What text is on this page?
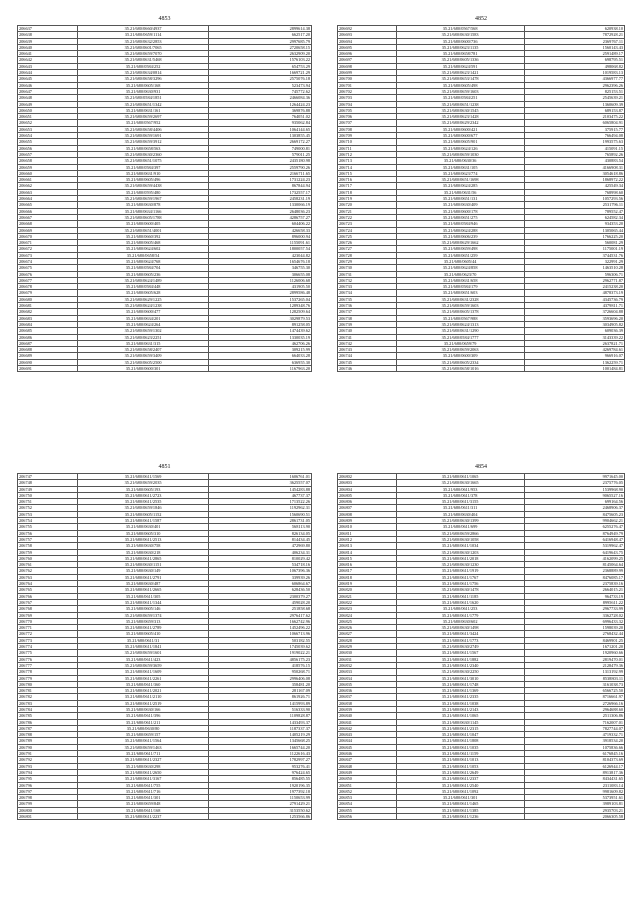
4853
206637	35.21/680/0660/4937	2899614.38
206638	35.21/680/0659/1114	662517.20
206639	35.21/680/0632/2853	2997685.79
206640	35.21/680/0601/7065	2720658.15
206641	35.21/680/0659/7070	2632909.20
206642	35.21/680/0631/5468	1576103.22
206643	35.21/680/0584/252	654753.29
206644	35.21/680/0634/0814	1669721.29
206645	35.21/680/0658/3296	2575076.18
206646	35.21/680/0605/168	523473.94
206647	35.21/680/0630/931	745772.62
206648	35.21/680/0584/1851	2466084.36
206649	35.21/680/0651/1342	1264424.23
206650	35.21/680/0631/161	369876.88
206651	35.21/680/0659/2697	764051.02
206652	35.21/680/0567/952	935062.84
206653	35.21/680/0658/4406	1064144.65
206654	35.21/680/0659/1691	1303855.45
206655	35.21/680/0659/3912	2669172.27
206656	35.21/680/0658/563	749000.81
206657	35.21/680/0630/2360	579011.25
206658	35.21/680/0651/1075	2435180.98
206659	35.21/680/0584/397	2559790.26
206660	35.21/680/0631/910	2166711.65
206661	35.21/680/0605/496	1731224.23
206662	35.21/680/0659/4438	867844.94
206663	35.21/680/0595/480	1732557.17
206664	35.21/680/0659/1967	2458231.19
206665	35.21/680/0630/878	1330066.19
206666	35.21/680/0634/1166	2648036.23
206667	35.21/680/0605/1788	4286757.27
206668	35.21/680/0600/405	604406.22
206669	35.21/680/0651/4001	426658.33
206670	35.21/680/0660/392	896000.94
206671	35.21/680/0605/468	1155091.61
206672	35.21/680/0624/602	1800057.54
206673	35.21/680/0658/54	423044.82
206674	35.21/680/0624/768	1654676.18
206675	35.21/680/0584/704	346755.30
206676	35.21/680/0605/236	306655.08
206677	35.21/680/0624/1489	1126006.68
206678	35.21/680/0584/448	431905.50
206679	35.21/680/0605/628	2899586.48
206680	35.21/680/0629/1225	1537265.04
206681	35.21/680/0624/1238	1289348.76
206682	35.21/680/0600/477	1282509.64
206683	35.21/680/0634/201	3029879.53
206684	35.21/680/0624/264	891258.05
206685	35.21/680/0659/1302	1474439.62
206686	35.21/680/0623/2251	1330035.19
206687	35.21/680/0631/315	462706.26
206688	35.21/680/0658/2407	309215.99
206689	35.21/680/0659/3409	664033.28
206690	35.21/680/0605/2500	636955.30
206691	35.21/680/0600/301	1167963.20
4852
206692	35.21/680/0567/568	620938.10
206693	35.21/680/0630/1583	7872928.21
206694	35.21/680/0600/736	2369767.11
206695	35.21/680/0623/1135	1560143.43
206696	35.21/680/0658/781	2591489.17
206697	35.21/680/0605/1336	698795.51
206698	35.21/680/0624/591	498068.82
206699	35.21/680/0623/1421	1019583.13
206700	35.21/680/0653/1478	4366977.77
206701	35.21/680/0605/498	2962396.26
206702	35.21/680/0659/1603	825153.51
206703	35.21/680/0584/251	2545639.21
206704	35.21/680/0651/1238	1360609.39
206705	35.21/680/0630/1545	689153.87
206706	35.21/680/0623/1428	2103475.22
206707	35.21/680/0629/2342	6065804.91
206708	35.21/680/0600/421	375915.77
206709	35.21/680/0600/677	766494.08
206710	35.21/680/0605/901	1993575.63
206711	35.21/680/0624/126	415091.15
206712	35.21/680/0659/1030	765892.26
206713	35.21/680/0630/36	430883.54
206714	35.21/680/0631/105	4166908.31
206715	35.21/680/0623/774	3054618.86
206716	35.21/680/0651/1698	1868972.22
206717	35.21/680/0624/285	425549.34
206718	35.21/680/0631/56	768998.60
206719	35.21/680/0651/131	1057293.56
206720	35.21/680/0630/409	2531796.11
206721	35.21/680/0600/178	789552.47
206722	35.21/680/0651/275	624582.34
206723	35.21/680/0584/946	934353.20
206724	35.21/680/0624/288	1305065.44
206725	35.21/680/0606/239	1766225.20
206726	35.21/680/0629/1662	560081.29
206727	35.21/680/0659/498	1175001.19
206728	35.21/680/0651/259	3744531.76
206729	35.21/680/0605/44	322991.29
206730	35.21/680/0624/858	1463510.28
206731	35.21/680/0623/70	596306.71
206732	35.21/680/0631/658	2962771.87
206733	35.21/680/0584/179	2415238.20
206734	35.21/680/0651/603	4878373.19
206735	35.21/680/0631/2328	4345736.79
206736	35.21/680/0659/1603	4379811.71
206737	35.21/680/0605/1378	3726604.88
206738	35.21/680/0567/988	3593696.20
206739	35.21/680/0624/1313	3034905.82
206740	35.21/680/0631/1290	609036.39
206741	35.21/680/0584/1777	3143339.22
206742	35.21/680/0659/79	2637821.71
206743	35.21/680/0659/2063	4269784.61
206744	35.21/680/0600/309	966916.07
206745	35.21/680/0605/2334	1362259.71
206746	35.21/680/0658/1016	1001484.81
4851
206747	35.21/680/0611/1569	1606761.01
206748	35.21/680/0659/2035	3625557.07
206749	35.21/680/0605/193	1454283.88
206750	35.21/680/0611/2723	467737.37
206751	35.21/680/0611/2535	1713522.26
206752	35.21/680/0659/1846	1192962.31
206753	35.21/680/0605/1152	1560690.51
206754	35.21/680/0611/1587	2861731.05
206755	35.21/680/0630/401	568113.90
206756	35.21/680/0605/310	826134.05
206757	35.21/680/0611/2513	814434.45
206758	35.21/680/0630/758	472969.80
206759	35.21/680/0630/218	406234.31
206760	35.21/680/0611/2865	810029.42
206761	35.21/680/0630/1151	534718.16
206762	35.21/680/0630/149	1067396.36
206763	35.21/680/0611/2791	339939.26
206764	35.21/680/0630/487	606864.67
206765	35.21/680/0611/2665	628436.50
206766	35.21/680/0611/305	2300379.27
206767	35.21/680/0611/1344	459028.20
206768	35.21/680/0605/146	251858.68
206769	35.21/680/0659/1374	2976417.62
206770	35.21/680/0659/313	1662742.96
206771	35.21/680/0611/2789	1452496.22
206772	35.21/680/0605/410	1066713.96
206773	35.21/680/0611/31	503182.55
206774	35.21/680/0611/1841	1745039.62
206775	35.21/680/0659/1601	1919022.21
206776	35.21/680/0611/423	4856175.23
206777	35.21/680/0659/3659	418576.15
206778	35.21/680/0611/1609	950268.71
206779	35.21/680/0611/2261	2996406.08
206780	35.21/680/0611/360	358481.20
206781	35.21/680/0611/2021	281167.09
206782	35.21/680/0611/2110	861926.71
206783	35.21/680/0611/2519	1415993.89
206784	35.21/680/0630/166	516333.90
206785	35.21/680/0611/396	1109828.87
206786	35.21/680/0611/211	1433493.37
206787	35.21/680/0630/80	1187337.37
206788	35.21/680/0659/157	1405219.29
206789	35.21/680/0611/1564	1345668.25
206790	35.21/680/0659/1463	1665744.20
206791	35.21/680/0611/711	1122616.43
206792	35.21/680/0611/2327	1782997.27
206793	35.21/680/0630/298	953276.41
206794	35.21/680/0611/2650	976424.65
206795	35.21/680/0611/3167	856485.55
206796	35.21/680/0611/755	1920196.35
206797	35.21/680/0611/716	1977392.18
206798	35.21/680/0611/301	1150653.99
206799	35.21/680/0659/848	2791429.21
206800	35.21/680/0611/168	3153550.62
206801	35.21/680/0611/2237	1253566.86
4854
206802	35.21/680/0611/1065	9971645.00
206803	35.21/680/0630/1665	2375776.05
206804	35.21/680/0611/953	1539968.90
206805	35.21/680/0611/378	9065527.16
206806	35.21/680/0611/3155	699164.56
206807	35.21/680/0611/311	2468906.37
206808	35.21/680/0630/404	8475605.23
206809	35.21/680/0630/1399	9904662.21
206810	35.21/680/0611/699	6255276.47
206811	35.21/680/0659/2866	8764949.79
206812	35.21/680/0630/1058	6416948.47
206813	35.21/680/0611/1034	5319962.47
206814	35.21/680/0630/1203	6419643.75
206815	35.21/680/0611/2018	4162099.25
206816	35.21/680/0630/1230	8145064.64
206817	35.21/680/0611/1919	2368889.99
206818	35.21/680/0611/1767	8476085.17
206819	35.21/680/0611/1756	2375839.16
206820	35.21/680/0630/1478	2664015.21
206821	35.21/680/0611/1185	964733.19
206822	35.21/680/0611/1620	8995611.22
206823	35.21/680/0611/253	2967733.99
206824	35.21/680/0611/1779	3362728.02
206825	35.21/680/0630/602	6996433.32
206826	35.21/680/0630/1498	1598039.20
206827	35.21/680/0611/3424	2768432.44
206828	35.21/680/0611/1773	8469901.25
206829	35.21/680/0630/2749	1671201.20
206830	35.21/680/0611/1567	1920960.66
206831	35.21/680/0611/1882	2819470.01
206832	35.21/680/0611/2340	2128479.36
206833	35.21/680/0630/2250	1313192.99
206834	35.21/680/0611/3010	8538803.11
206835	35.21/680/0611/1748	3161038.73
206836	35.21/680/0611/1369	6566725.50
206837	35.21/680/0611/2335	8716661.97
206838	35.21/680/0611/1038	2726966.16
206839	35.21/680/0611/2143	2964688.60
206840	35.21/680/0611/1065	2511306.86
206841	35.21/680/0630/1145	7162007.01
206842	35.21/680/0611/2315	7827744.07
206843	35.21/680/0611/1047	4719332.71
206844	35.21/680/0611/1808	3918534.20
206845	35.21/680/0611/1035	1075836.66
206846	35.21/680/0611/1159	6176845.16
206847	35.21/680/0611/1013	8104373.69
206848	35.21/680/0611/1053	6126944.17
206849	35.21/680/0611/2649	8913817.36
206850	35.21/680/0611/2337	8434431.65
206851	35.21/680/0611/2540	2311083.14
206852	35.21/680/0611/1092	9981609.82
206853	35.21/680/0611/301	5373951.61
206854	35.21/680/0611/1465	3989103.81
206855	35.21/680/0611/1385	2935703.21
206856	35.21/680/0611/1236	2066305.58
